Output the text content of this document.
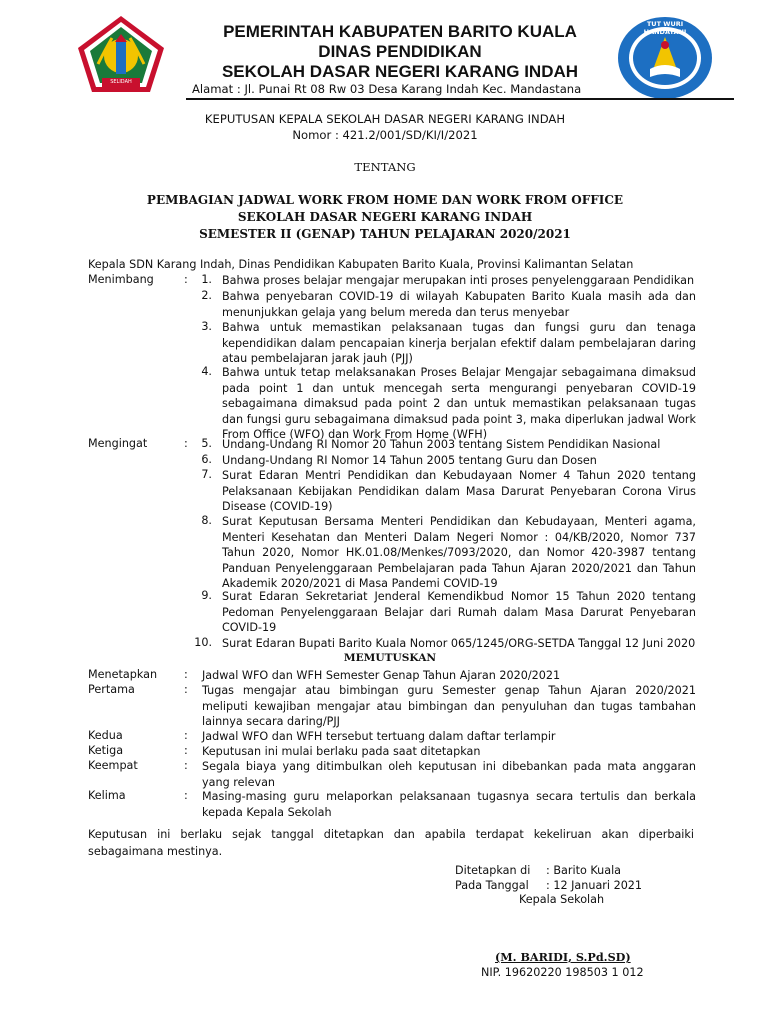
SELIDAH
TUT WURI HANDAYANI
PEMERINTAH KABUPATEN BARITO KUALA
DINAS PENDIDIKAN
SEKOLAH DASAR NEGERI KARANG INDAH
Alamat : Jl. Punai Rt 08 Rw 03 Desa Karang Indah Kec. Mandastana
KEPUTUSAN KEPALA SEKOLAH DASAR NEGERI KARANG INDAH
Nomor : 421.2/001/SD/KI/I/2021
TENTANG
PEMBAGIAN JADWAL WORK FROM HOME DAN WORK FROM OFFICE
SEKOLAH DASAR NEGERI KARANG INDAH
SEMESTER II (GENAP) TAHUN PELAJARAN 2020/2021
Kepala SDN Karang Indah, Dinas Pendidikan Kabupaten Barito Kuala, Provinsi Kalimantan Selatan
Menimbang	:	1. Bahwa proses belajar mengajar merupakan inti proses penyelenggaraan Pendidikan
2. Bahwa penyebaran COVID-19 di wilayah Kabupaten Barito Kuala masih ada dan menunjukkan gelaja yang belum mereda dan terus menyebar
3. Bahwa untuk memastikan pelaksanaan tugas dan fungsi guru dan tenaga kependidikan dalam pencapaian kinerja berjalan efektif dalam pembelajaran daring atau pembelajaran jarak jauh (PJJ)
4. Bahwa untuk tetap melaksanakan Proses Belajar Mengajar sebagaimana dimaksud pada point 1 dan untuk mencegah serta mengurangi penyebaran COVID-19 sebagaimana dimaksud pada point 2 dan untuk memastikan pelaksanaan tugas dan fungsi guru sebagaimana dimaksud pada point 3, maka diperlukan jadwal Work From Office (WFO) dan Work From Home (WFH)
Mengingat	:	5. Undang-Undang RI Nomor 20 Tahun 2003 tentang Sistem Pendidikan Nasional
6. Undang-Undang RI Nomor 14 Tahun 2005 tentang Guru dan Dosen
7. Surat Edaran Mentri Pendidikan dan Kebudayaan Nomer 4 Tahun 2020 tentang Pelaksanaan Kebijakan Pendidikan dalam Masa Darurat Penyebaran Corona Virus Disease (COVID-19)
8. Surat Keputusan Bersama Menteri Pendidikan dan Kebudayaan, Menteri agama, Menteri Kesehatan dan Menteri Dalam Negeri Nomor : 04/KB/2020, Nomor 737 Tahun 2020, Nomor HK.01.08/Menkes/7093/2020, dan Nomor 420-3987 tentang Panduan Penyelenggaraan Pembelajaran pada Tahun Ajaran 2020/2021 dan Tahun Akademik 2020/2021 di Masa Pandemi COVID-19
9. Surat Edaran Sekretariat Jenderal Kemendikbud Nomor 15 Tahun 2020 tentang Pedoman Penyelenggaraan Belajar dari Rumah dalam Masa Darurat Penyebaran COVID-19
10. Surat Edaran Bupati Barito Kuala Nomor 065/1245/ORG-SETDA Tanggal 12 Juni 2020
MEMUTUSKAN
Menetapkan : Jadwal WFO dan WFH Semester Genap Tahun Ajaran 2020/2021
Pertama	: Tugas mengajar atau bimbingan guru Semester genap Tahun Ajaran 2020/2021 meliputi kewajiban mengajar atau bimbingan dan penyuluhan dan tugas tambahan lainnya secara daring/PJJ
Kedua	: Jadwal WFO dan WFH tersebut tertuang dalam daftar terlampir
Ketiga	: Keputusan ini mulai berlaku pada saat ditetapkan
Keempat	: Segala biaya yang ditimbulkan oleh keputusan ini dibebankan pada mata anggaran yang relevan
Kelima	: Masing-masing guru melaporkan pelaksanaan tugasnya secara tertulis dan berkala kepada Kepala Sekolah
Keputusan ini berlaku sejak tanggal ditetapkan dan apabila terdapat kekeliruan akan diperbaiki sebagaimana mestinya.
Ditetapkan di : Barito Kuala
Pada Tanggal : 12 Januari 2021
Kepala Sekolah
(M. BARIDI, S.Pd.SD)
NIP. 19620220 198503 1 012
